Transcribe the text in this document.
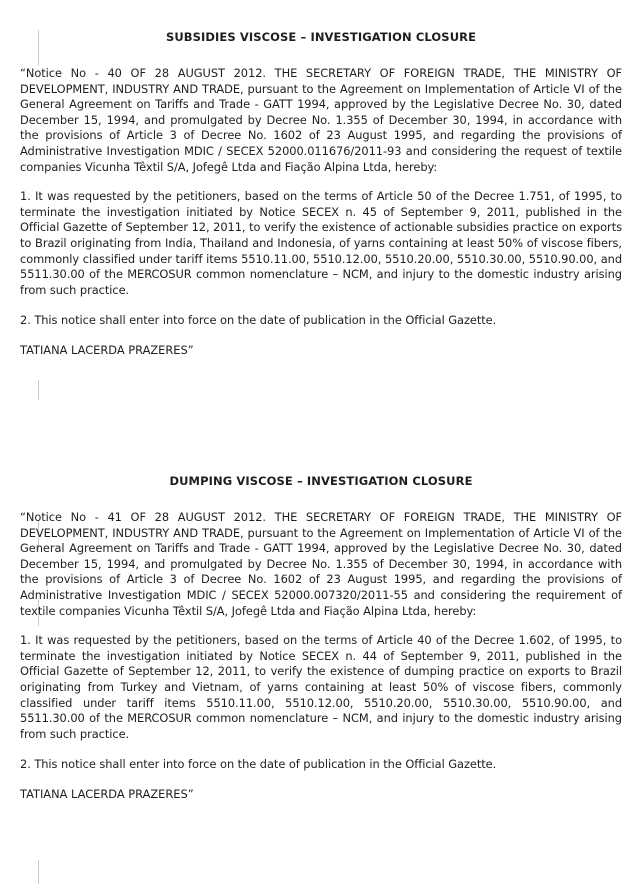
SUBSIDIES VISCOSE – INVESTIGATION CLOSURE

“Notice No - 40 OF 28 AUGUST 2012. THE SECRETARY OF FOREIGN TRADE, THE MINISTRY OF DEVELOPMENT, INDUSTRY AND TRADE, pursuant to the Agreement on Implementation of Article VI of the General Agreement on Tariffs and Trade - GATT 1994, approved by the Legislative Decree No. 30, dated December 15, 1994, and promulgated by Decree No. 1.355 of December 30, 1994, in accordance with the provisions of Article 3 of Decree No. 1602 of 23 August 1995, and regarding the provisions of Administrative Investigation MDIC / SECEX 52000.011676/2011-93 and considering the request of textile companies Vicunha Têxtil S/A, Jofegê Ltda and Fiação Alpina Ltda, hereby:

1. It was requested by the petitioners, based on the terms of Article 50 of the Decree 1.751, of 1995, to terminate the investigation initiated by Notice SECEX n. 45 of September 9, 2011, published in the Official Gazette of September 12, 2011, to verify the existence of actionable subsidies practice on exports to Brazil originating from India, Thailand and Indonesia, of yarns containing at least 50% of viscose fibers, commonly classified under tariff items 5510.11.00, 5510.12.00, 5510.20.00, 5510.30.00, 5510.90.00, and 5511.30.00 of the MERCOSUR common nomenclature – NCM, and injury to the domestic industry arising from such practice.

2. This notice shall enter into force on the date of publication in the Official Gazette.

TATIANA LACERDA PRAZERES”

DUMPING VISCOSE – INVESTIGATION CLOSURE

“Notice No - 41 OF 28 AUGUST 2012. THE SECRETARY OF FOREIGN TRADE, THE MINISTRY OF DEVELOPMENT, INDUSTRY AND TRADE, pursuant to the Agreement on Implementation of Article VI of the General Agreement on Tariffs and Trade - GATT 1994, approved by the Legislative Decree No. 30, dated December 15, 1994, and promulgated by Decree No. 1.355 of December 30, 1994, in accordance with the provisions of Article 3 of Decree No. 1602 of 23 August 1995, and regarding the provisions of Administrative Investigation MDIC / SECEX 52000.007320/2011-55 and considering the requirement of textile companies Vicunha Têxtil S/A, Jofegê Ltda and Fiação Alpina Ltda, hereby:

1. It was requested by the petitioners, based on the terms of Article 40 of the Decree 1.602, of 1995, to terminate the investigation initiated by Notice SECEX n. 44 of September 9, 2011, published in the Official Gazette of September 12, 2011, to verify the existence of dumping practice on exports to Brazil originating from Turkey and Vietnam, of yarns containing at least 50% of viscose fibers, commonly classified under tariff items 5510.11.00, 5510.12.00, 5510.20.00, 5510.30.00, 5510.90.00, and 5511.30.00 of the MERCOSUR common nomenclature – NCM, and injury to the domestic industry arising from such practice.

2. This notice shall enter into force on the date of publication in the Official Gazette.

TATIANA LACERDA PRAZERES”
